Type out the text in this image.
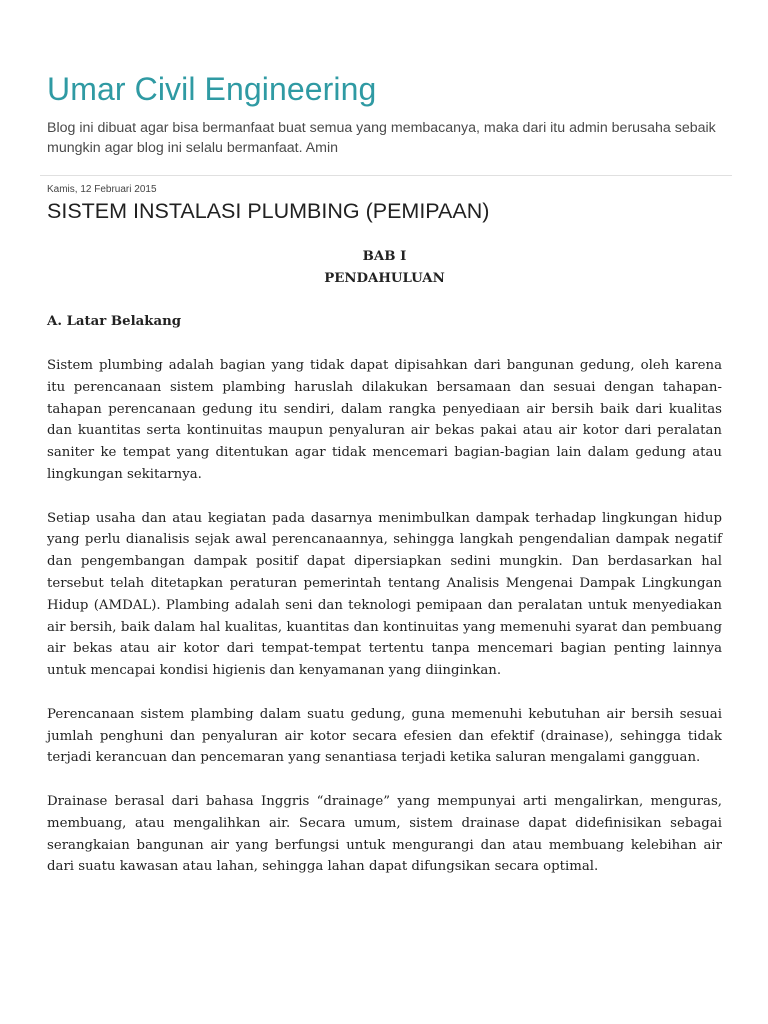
Umar Civil Engineering

Blog ini dibuat agar bisa bermanfaat buat semua yang membacanya, maka dari itu admin berusaha sebaik mungkin agar blog ini selalu bermanfaat. Amin

Kamis, 12 Februari 2015
SISTEM INSTALASI PLUMBING (PEMIPAAN)
BAB I
PENDAHULUAN
A. Latar Belakang

Sistem plumbing adalah bagian yang tidak dapat dipisahkan dari bangunan gedung, oleh karena itu perencanaan sistem plambing haruslah dilakukan bersamaan dan sesuai dengan tahapan-tahapan perencanaan gedung itu sendiri, dalam rangka penyediaan air bersih baik dari kualitas dan kuantitas serta kontinuitas maupun penyaluran air bekas pakai atau air kotor dari peralatan saniter ke tempat yang ditentukan agar tidak mencemari bagian-bagian lain dalam gedung atau lingkungan sekitarnya.

Setiap usaha dan atau kegiatan pada dasarnya menimbulkan dampak terhadap lingkungan hidup yang perlu dianalisis sejak awal perencanaannya, sehingga langkah pengendalian dampak negatif dan pengembangan dampak positif dapat dipersiapkan sedini mungkin. Dan berdasarkan hal tersebut telah ditetapkan peraturan pemerintah tentang Analisis Mengenai Dampak Lingkungan Hidup (AMDAL). Plambing adalah seni dan teknologi pemipaan dan peralatan untuk menyediakan air bersih, baik dalam hal kualitas, kuantitas dan kontinuitas yang memenuhi syarat dan pembuang air bekas atau air kotor dari tempat-tempat tertentu tanpa mencemari bagian penting lainnya untuk mencapai kondisi higienis dan kenyamanan yang diinginkan.

Perencanaan sistem plambing dalam suatu gedung, guna memenuhi kebutuhan air bersih sesuai jumlah penghuni dan penyaluran air kotor secara efesien dan efektif (drainase), sehingga tidak terjadi kerancuan dan pencemaran yang senantiasa terjadi ketika saluran mengalami gangguan.

Drainase berasal dari bahasa Inggris “drainage” yang mempunyai arti mengalirkan, menguras, membuang, atau mengalihkan air. Secara umum, sistem drainase dapat didefinisikan sebagai serangkaian bangunan air yang berfungsi untuk mengurangi dan atau membuang kelebihan air dari suatu kawasan atau lahan, sehingga lahan dapat difungsikan secara optimal.
